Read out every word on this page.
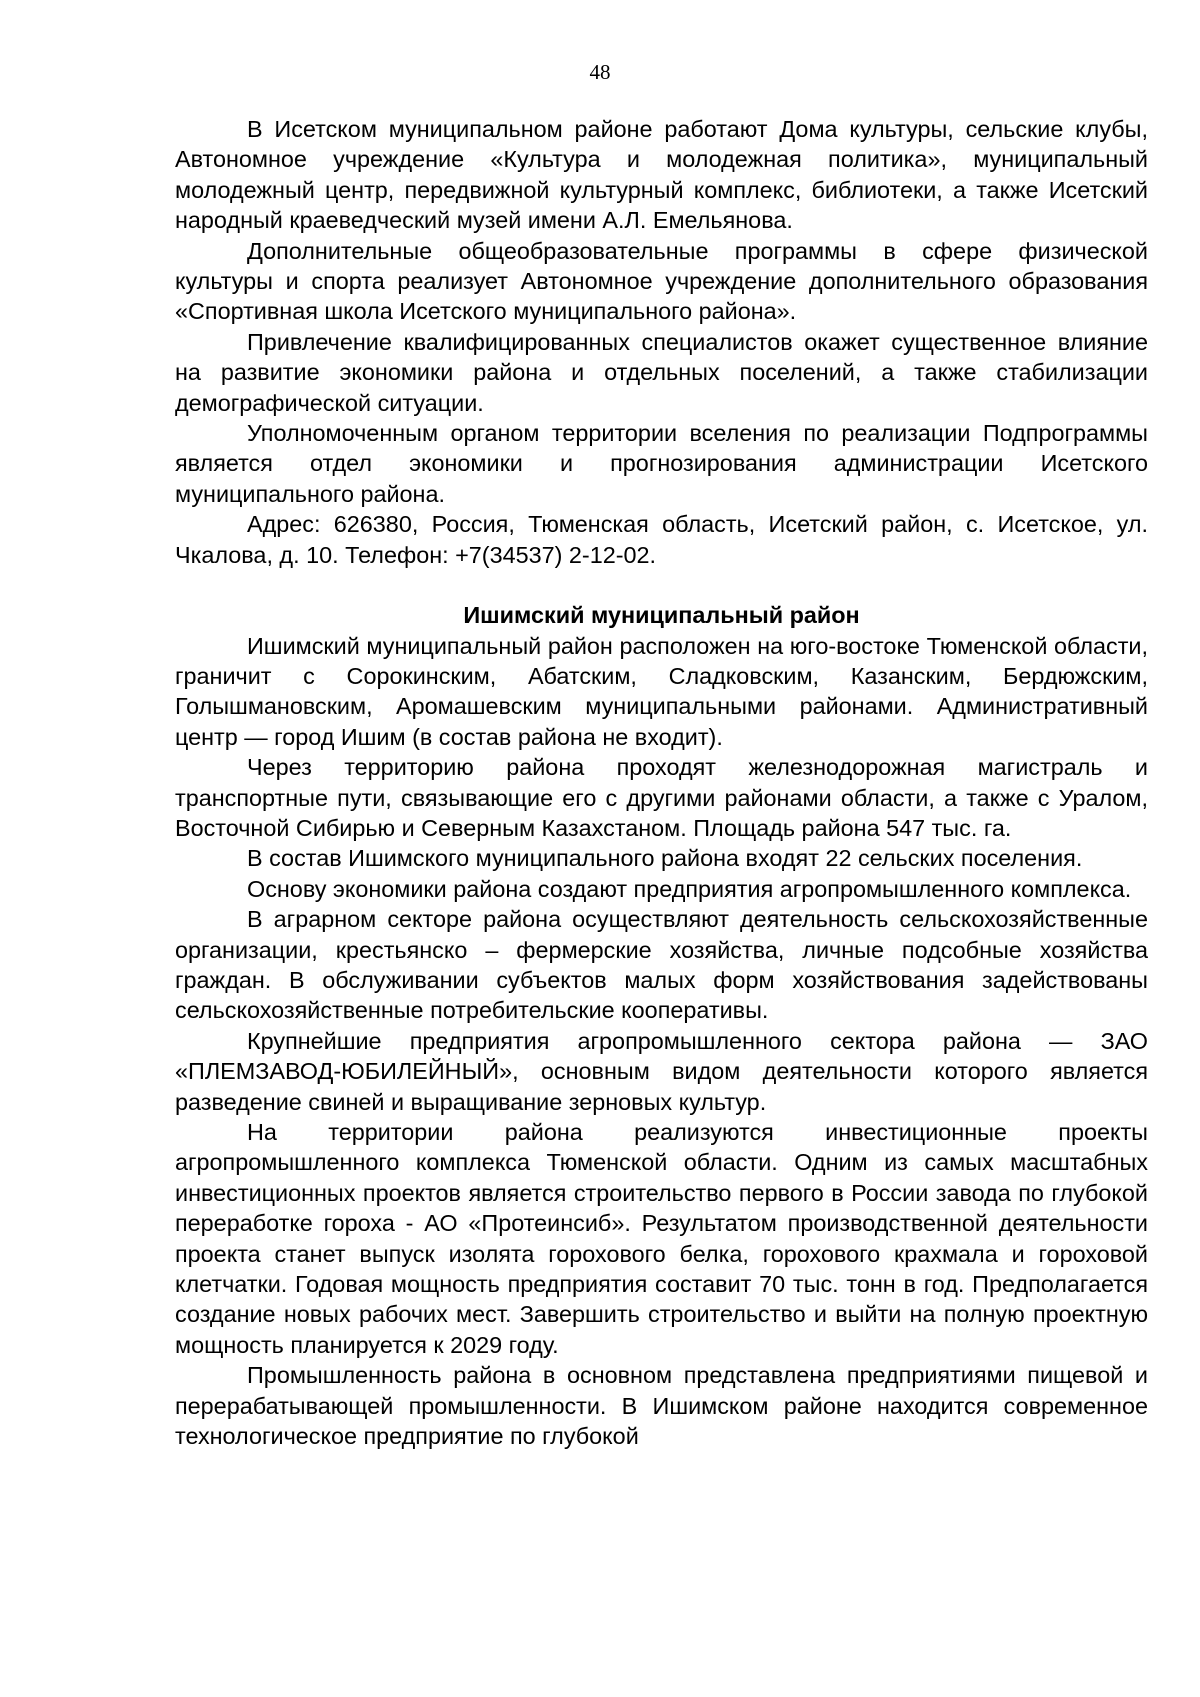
48

В Исетском муниципальном районе работают Дома культуры, сельские клубы, Автономное учреждение «Культура и молодежная политика», муниципальный молодежный центр, передвижной культурный комплекс, библиотеки, а также Исетский народный краеведческий музей имени А.Л. Емельянова.

Дополнительные общеобразовательные программы в сфере физической культуры и спорта реализует Автономное учреждение дополнительного образования «Спортивная школа Исетского муниципального района».

Привлечение квалифицированных специалистов окажет существенное влияние на развитие экономики района и отдельных поселений, а также стабилизации демографической ситуации.

Уполномоченным органом территории вселения по реализации Подпрограммы является отдел экономики и прогнозирования администрации Исетского муниципального района.

Адрес: 626380, Россия, Тюменская область, Исетский район, с. Исетское, ул. Чкалова, д. 10. Телефон: +7(34537) 2-12-02.

Ишимский муниципальный район

Ишимский муниципальный район расположен на юго-востоке Тюменской области, граничит с Сорокинским, Абатским, Сладковским, Казанским, Бердюжским, Голышмановским, Аромашевским муниципальными районами. Административный центр — город Ишим (в состав района не входит).

Через территорию района проходят железнодорожная магистраль и транспортные пути, связывающие его с другими районами области, а также с Уралом, Восточной Сибирью и Северным Казахстаном. Площадь района 547 тыс. га.

В состав Ишимского муниципального района входят 22 сельских поселения.

Основу экономики района создают предприятия агропромышленного комплекса.

В аграрном секторе района осуществляют деятельность сельскохозяйственные организации, крестьянско – фермерские хозяйства, личные подсобные хозяйства граждан. В обслуживании субъектов малых форм хозяйствования задействованы сельскохозяйственные потребительские кооперативы.

Крупнейшие предприятия агропромышленного сектора района — ЗАО «ПЛЕМЗАВОД-ЮБИЛЕЙНЫЙ», основным видом деятельности которого является разведение свиней и выращивание зерновых культур.

На территории района реализуются инвестиционные проекты агропромышленного комплекса Тюменской области. Одним из самых масштабных инвестиционных проектов является строительство первого в России завода по глубокой переработке гороха - АО «Протеинсиб». Результатом производственной деятельности проекта станет выпуск изолята горохового белка, горохового крахмала и гороховой клетчатки. Годовая мощность предприятия составит 70 тыс. тонн в год. Предполагается создание новых рабочих мест. Завершить строительство и выйти на полную проектную мощность планируется к 2029 году.

Промышленность района в основном представлена предприятиями пищевой и перерабатывающей промышленности. В Ишимском районе находится современное технологическое предприятие по глубокой
